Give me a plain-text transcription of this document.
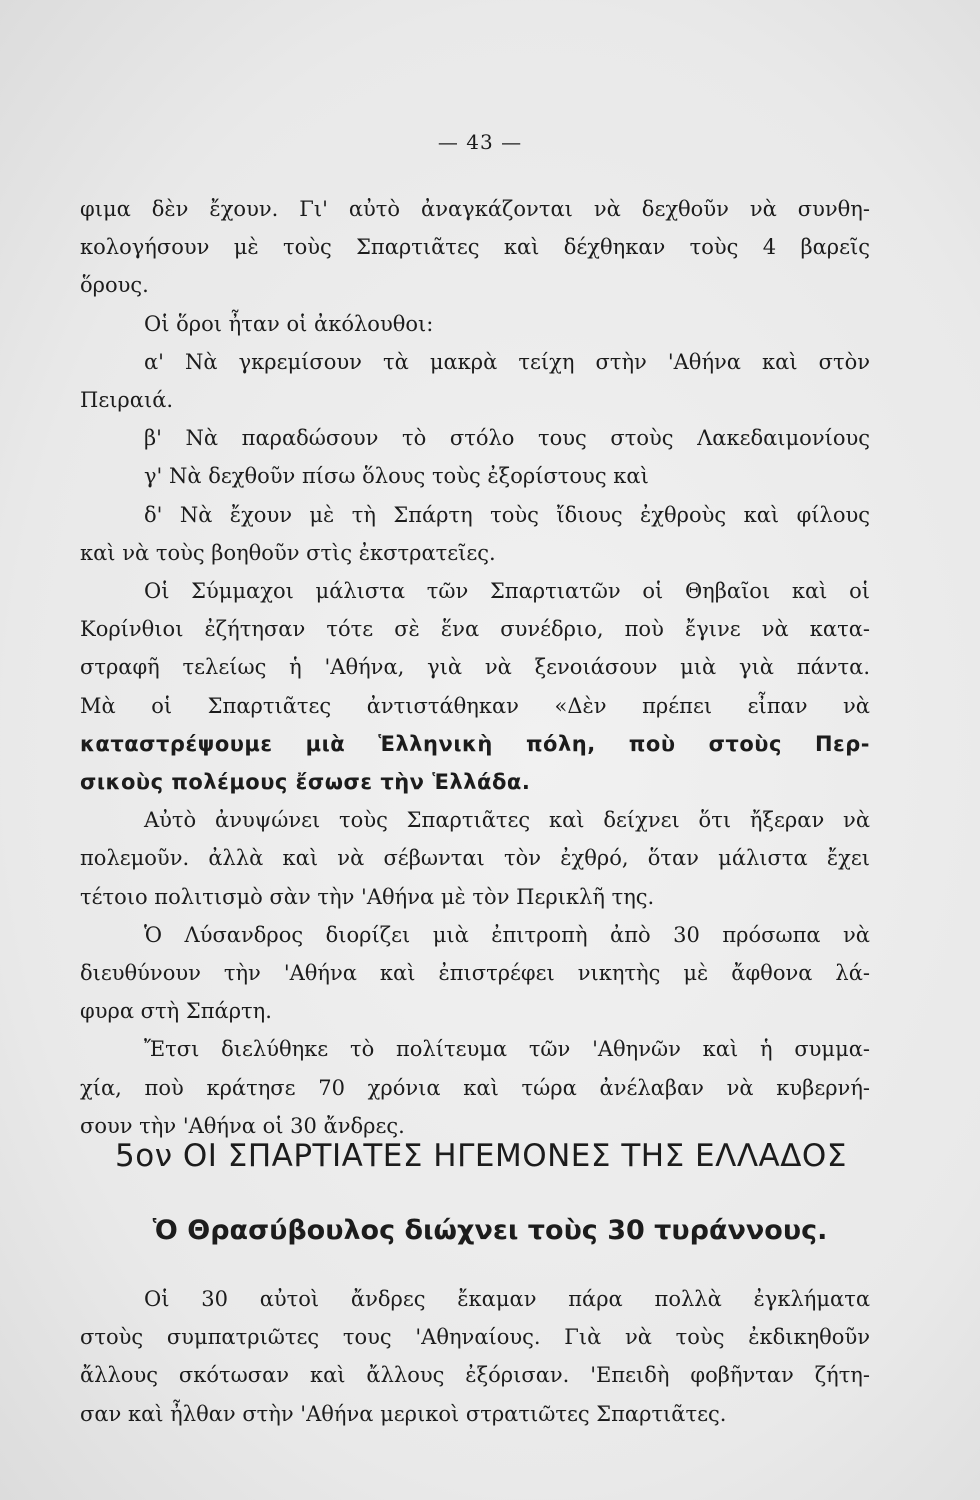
— 43 —

φιμα δὲν ἔχουν. Γι' αὐτὸ ἀναγκάζονται νὰ δεχθοῦν νὰ συνθη-

κολογήσουν μὲ τοὺς Σπαρτιᾶτες καὶ δέχθηκαν τοὺς 4 βαρεῖς

ὅρους.

Οἱ ὅροι ἦταν οἱ ἀκόλουθοι:

α' Νὰ γκρεμίσουν τὰ μακρὰ τείχη στὴν 'Αθήνα καὶ στὸν

Πειραιά.

β' Νὰ παραδώσουν τὸ στόλο τους στοὺς Λακεδαιμονίους

γ' Νὰ δεχθοῦν πίσω ὅλους τοὺς ἐξορίστους καὶ

δ' Νὰ ἔχουν μὲ τὴ Σπάρτη τοὺς ἴδιους ἐχθροὺς καὶ φίλους

καὶ νὰ τοὺς βοηθοῦν στὶς ἐκστρατεῖες.

Οἱ Σύμμαχοι μάλιστα τῶν Σπαρτιατῶν οἱ Θηβαῖοι καὶ οἱ

Κορίνθιοι ἐζήτησαν τότε σὲ ἕνα συνέδριο, ποὺ ἔγινε νὰ κατα-

στραφῆ τελείως ἡ 'Αθήνα, γιὰ νὰ ξενοιάσουν μιὰ γιὰ πάντα.

Μὰ οἱ Σπαρτιᾶτες ἀντιστάθηκαν «Δὲν πρέπει εἶπαν νὰ

καταστρέψουμε μιὰ Ἑλληνικὴ πόλη, ποὺ στοὺς Περ-

σικοὺς πολέμους ἔσωσε τὴν Ἑλλάδα.

Αὐτὸ ἀνυψώνει τοὺς Σπαρτιᾶτες καὶ δείχνει ὅτι ἤξεραν νὰ

πολεμοῦν. ἀλλὰ καὶ νὰ σέβωνται τὸν ἐχθρό, ὅταν μάλιστα ἔχει

τέτοιο πολιτισμὸ σὰν τὴν 'Αθήνα μὲ τὸν Περικλῆ της.

Ὁ Λύσανδρος διορίζει μιὰ ἐπιτροπὴ ἀπὸ 30 πρόσωπα νὰ

διευθύνουν τὴν 'Αθήνα καὶ ἐπιστρέφει νικητὴς μὲ ἄφθονα λά-

φυρα στὴ Σπάρτη.

Ἔτσι διελύθηκε τὸ πολίτευμα τῶν 'Αθηνῶν καὶ ἡ συμμα-

χία, ποὺ κράτησε 70 χρόνια καὶ τώρα ἀνέλαβαν νὰ κυβερνή-

σουν τὴν 'Αθήνα οἱ 30 ἄνδρες.

5ον ΟΙ ΣΠΑΡΤΙΑΤΕΣ ΗΓΕΜΟΝΕΣ ΤΗΣ ΕΛΛΑΔΟΣ
Ὁ Θρασύβουλος διώχνει τοὺς 30 τυράννους.

Οἱ 30 αὐτοὶ ἄνδρες ἔκαμαν πάρα πολλὰ ἐγκλήματα

στοὺς συμπατριῶτες τους 'Αθηναίους. Γιὰ νὰ τοὺς ἐκδικηθοῦν

ἄλλους σκότωσαν καὶ ἄλλους ἐξόρισαν. 'Επειδὴ φοβῆνταν ζήτη-

σαν καὶ ἦλθαν στὴν 'Αθήνα μερικοὶ στρατιῶτες Σπαρτιᾶτες.
